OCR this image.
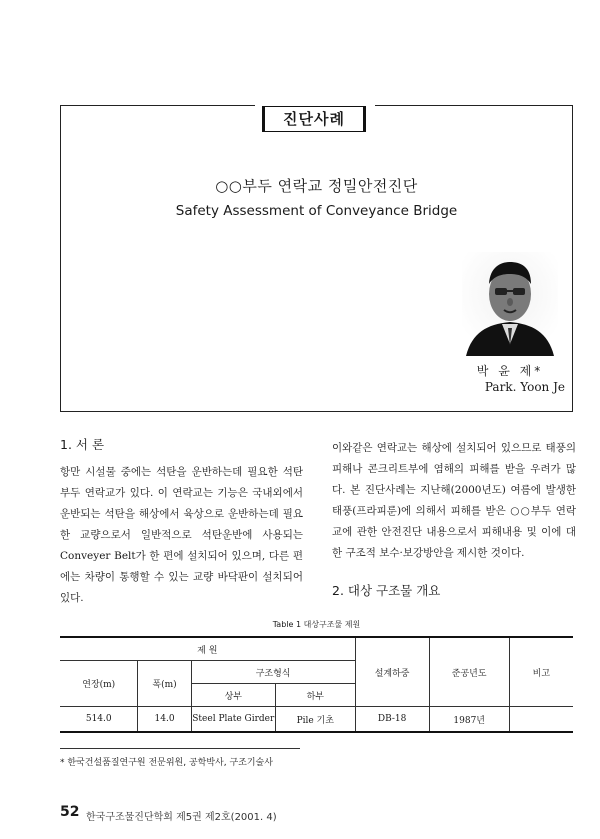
진단사례
○○부두 연락교 정밀안전진단
Safety Assessment of Conveyance Bridge
박 윤 제*
Park. Yoon Je
1. 서 론

항만 시설물 중에는 석탄을 운반하는데 필요한 석탄부두 연락교가 있다. 이 연락교는 기능은 국내외에서 운반되는 석탄을 해상에서 육상으로 운반하는데 필요한 교량으로서 일반적으로 석탄운반에 사용되는 Conveyer Belt가 한 편에 설치되어 있으며, 다른 편에는 차량이 통행할 수 있는 교량 바닥판이 설치되어 있다.

이와같은 연락교는 해상에 설치되어 있으므로 태풍의 피해나 콘크리트부에 염해의 피해를 받을 우려가 많다. 본 진단사례는 지난해(2000년도) 여름에 발생한 태풍(프라피룬)에 의해서 피해를 받은 ○○부두 연락교에 관한 안전진단 내용으로서 피해내용 및 이에 대한 구조적 보수·보강방안을 제시한 것이다.

2. 대상 구조물 개요
Table 1 대상구조물 제원
제 원				설계하중	준공년도	비고
연장(m)	폭(m)	구조형식				
		상부	하부			
514.0	14.0	Steel Plate Girder	Pile 기초	DB-18	1987년	
* 한국건설품질연구원 전문위원, 공학박사, 구조기술사
52 한국구조물진단학회 제5권 제2호(2001. 4)
